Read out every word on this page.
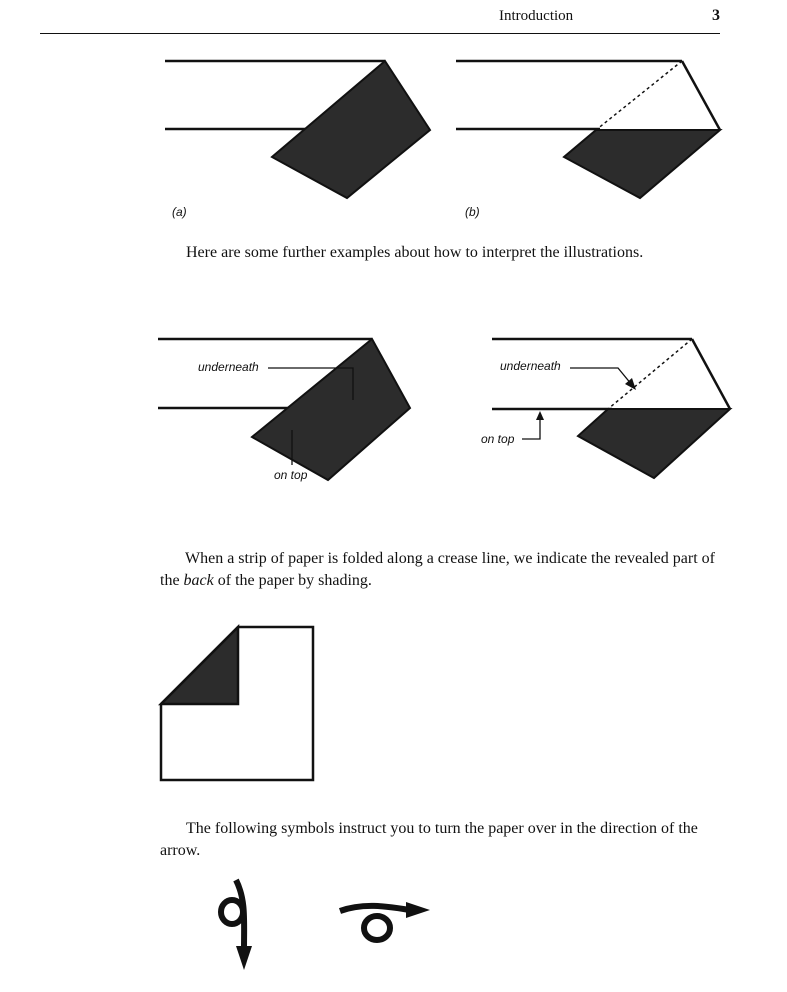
Introduction	3
(a)	(b)
underneath
on top
underneath
on top
Here are some further examples about how to interpret the illustrations.
When a strip of paper is folded along a crease line, we indicate the revealed part of
the back of the paper by shading.
The following symbols instruct you to turn the paper over in the direction of the
arrow.
